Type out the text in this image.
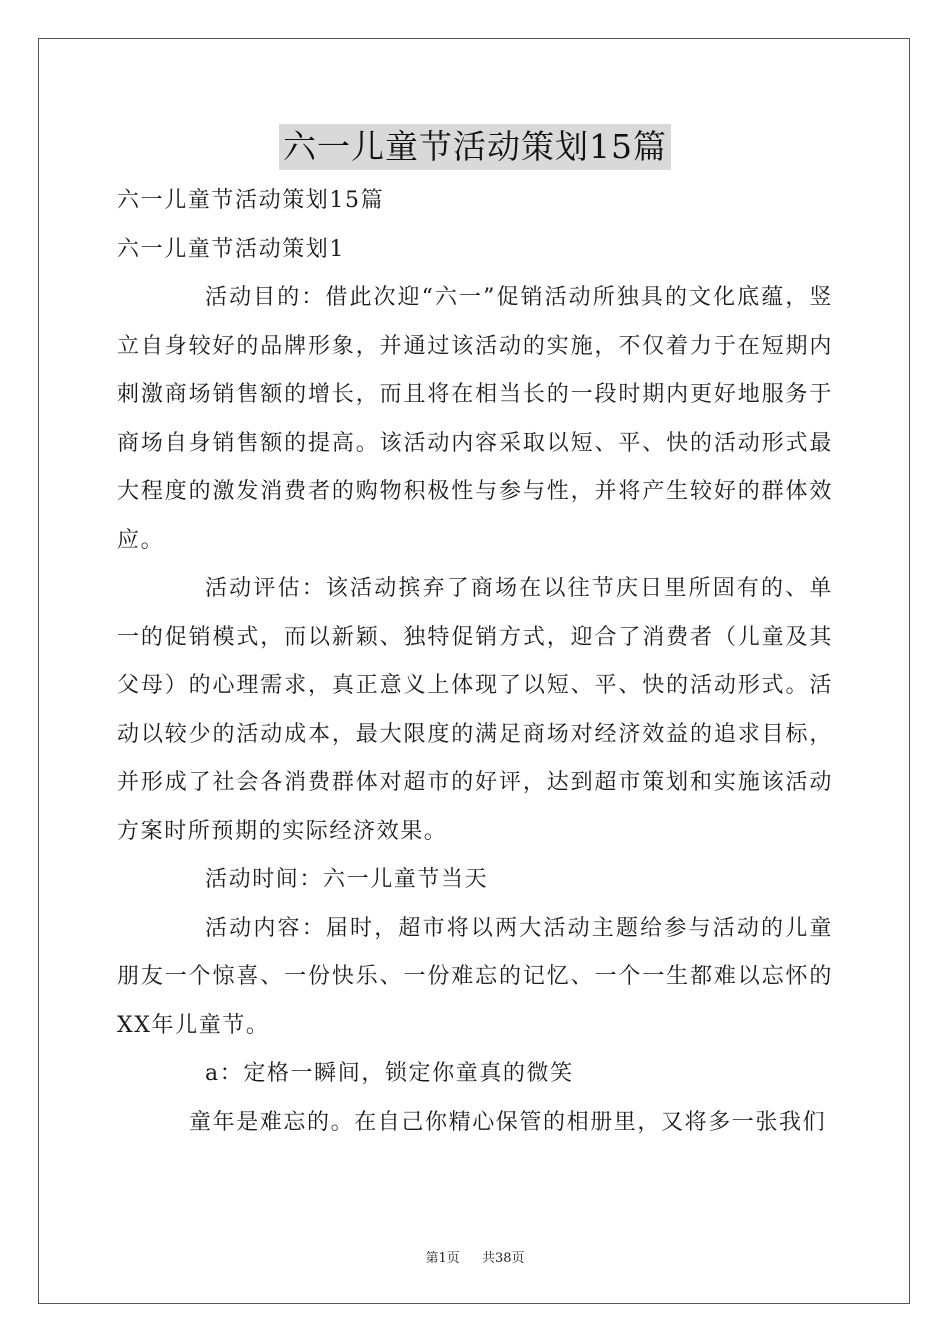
六一儿童节活动策划15篇

六一儿童节活动策划15篇

六一儿童节活动策划1

活动目的：借此次迎“六一”促销活动所独具的文化底蕴，竖立自身较好的品牌形象，并通过该活动的实施，不仅着力于在短期内刺激商场销售额的增长，而且将在相当长的一段时期内更好地服务于商场自身销售额的提高。该活动内容采取以短、平、快的活动形式最大程度的激发消费者的购物积极性与参与性，并将产生较好的群体效应。

活动评估：该活动摈弃了商场在以往节庆日里所固有的、单一的促销模式，而以新颖、独特促销方式，迎合了消费者（儿童及其父母）的心理需求，真正意义上体现了以短、平、快的活动形式。活动以较少的活动成本，最大限度的满足商场对经济效益的追求目标，并形成了社会各消费群体对超市的好评，达到超市策划和实施该活动方案时所预期的实际经济效果。

活动时间：六一儿童节当天

活动内容：届时，超市将以两大活动主题给参与活动的儿童朋友一个惊喜、一份快乐、一份难忘的记忆、一个一生都难以忘怀的XX年儿童节。

a：定格一瞬间，锁定你童真的微笑

童年是难忘的。在自己你精心保管的相册里，又将多一张我们

第1页 共38页
